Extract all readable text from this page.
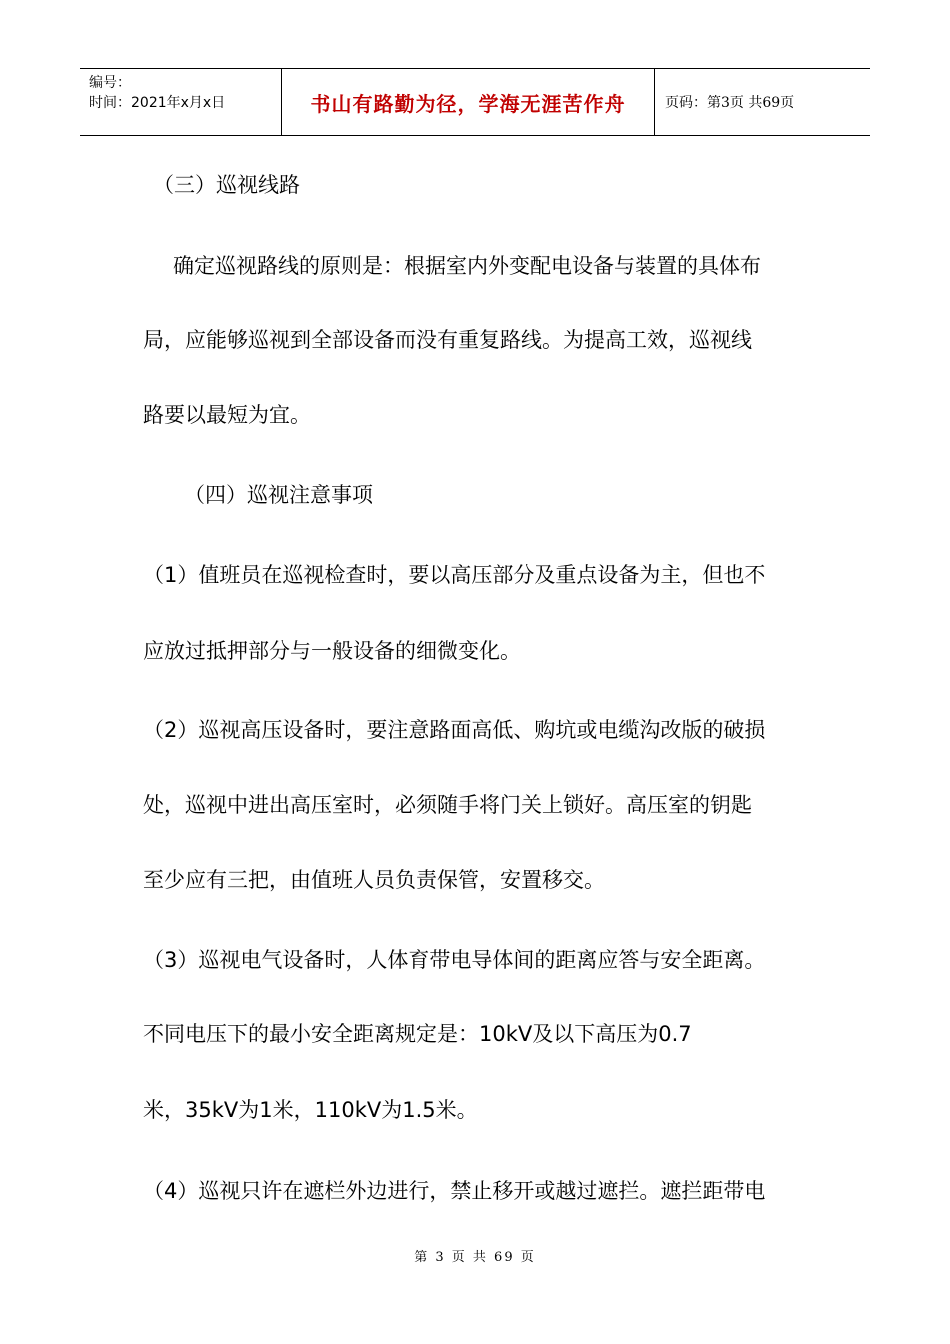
编号：
时间：2021年x月x日	书山有路勤为径，学海无涯苦作舟	页码：第3页 共69页
（三）巡视线路
确定巡视路线的原则是：根据室内外变配电设备与装置的具体布
局，应能够巡视到全部设备而没有重复路线。为提高工效，巡视线
路要以最短为宜。
（四）巡视注意事项
（1）值班员在巡视检查时，要以高压部分及重点设备为主，但也不
应放过抵押部分与一般设备的细微变化。
（2）巡视高压设备时，要注意路面高低、购坑或电缆沟改版的破损
处，巡视中进出高压室时，必须随手将门关上锁好。高压室的钥匙
至少应有三把，由值班人员负责保管，安置移交。
（3）巡视电气设备时，人体育带电导体间的距离应答与安全距离。
不同电压下的最小安全距离规定是：10kV及以下高压为0.7
米，35kV为1米，110kV为1.5米。
（4）巡视只许在遮栏外边进行，禁止移开或越过遮拦。遮拦距带电
第 3 页 共 69 页
